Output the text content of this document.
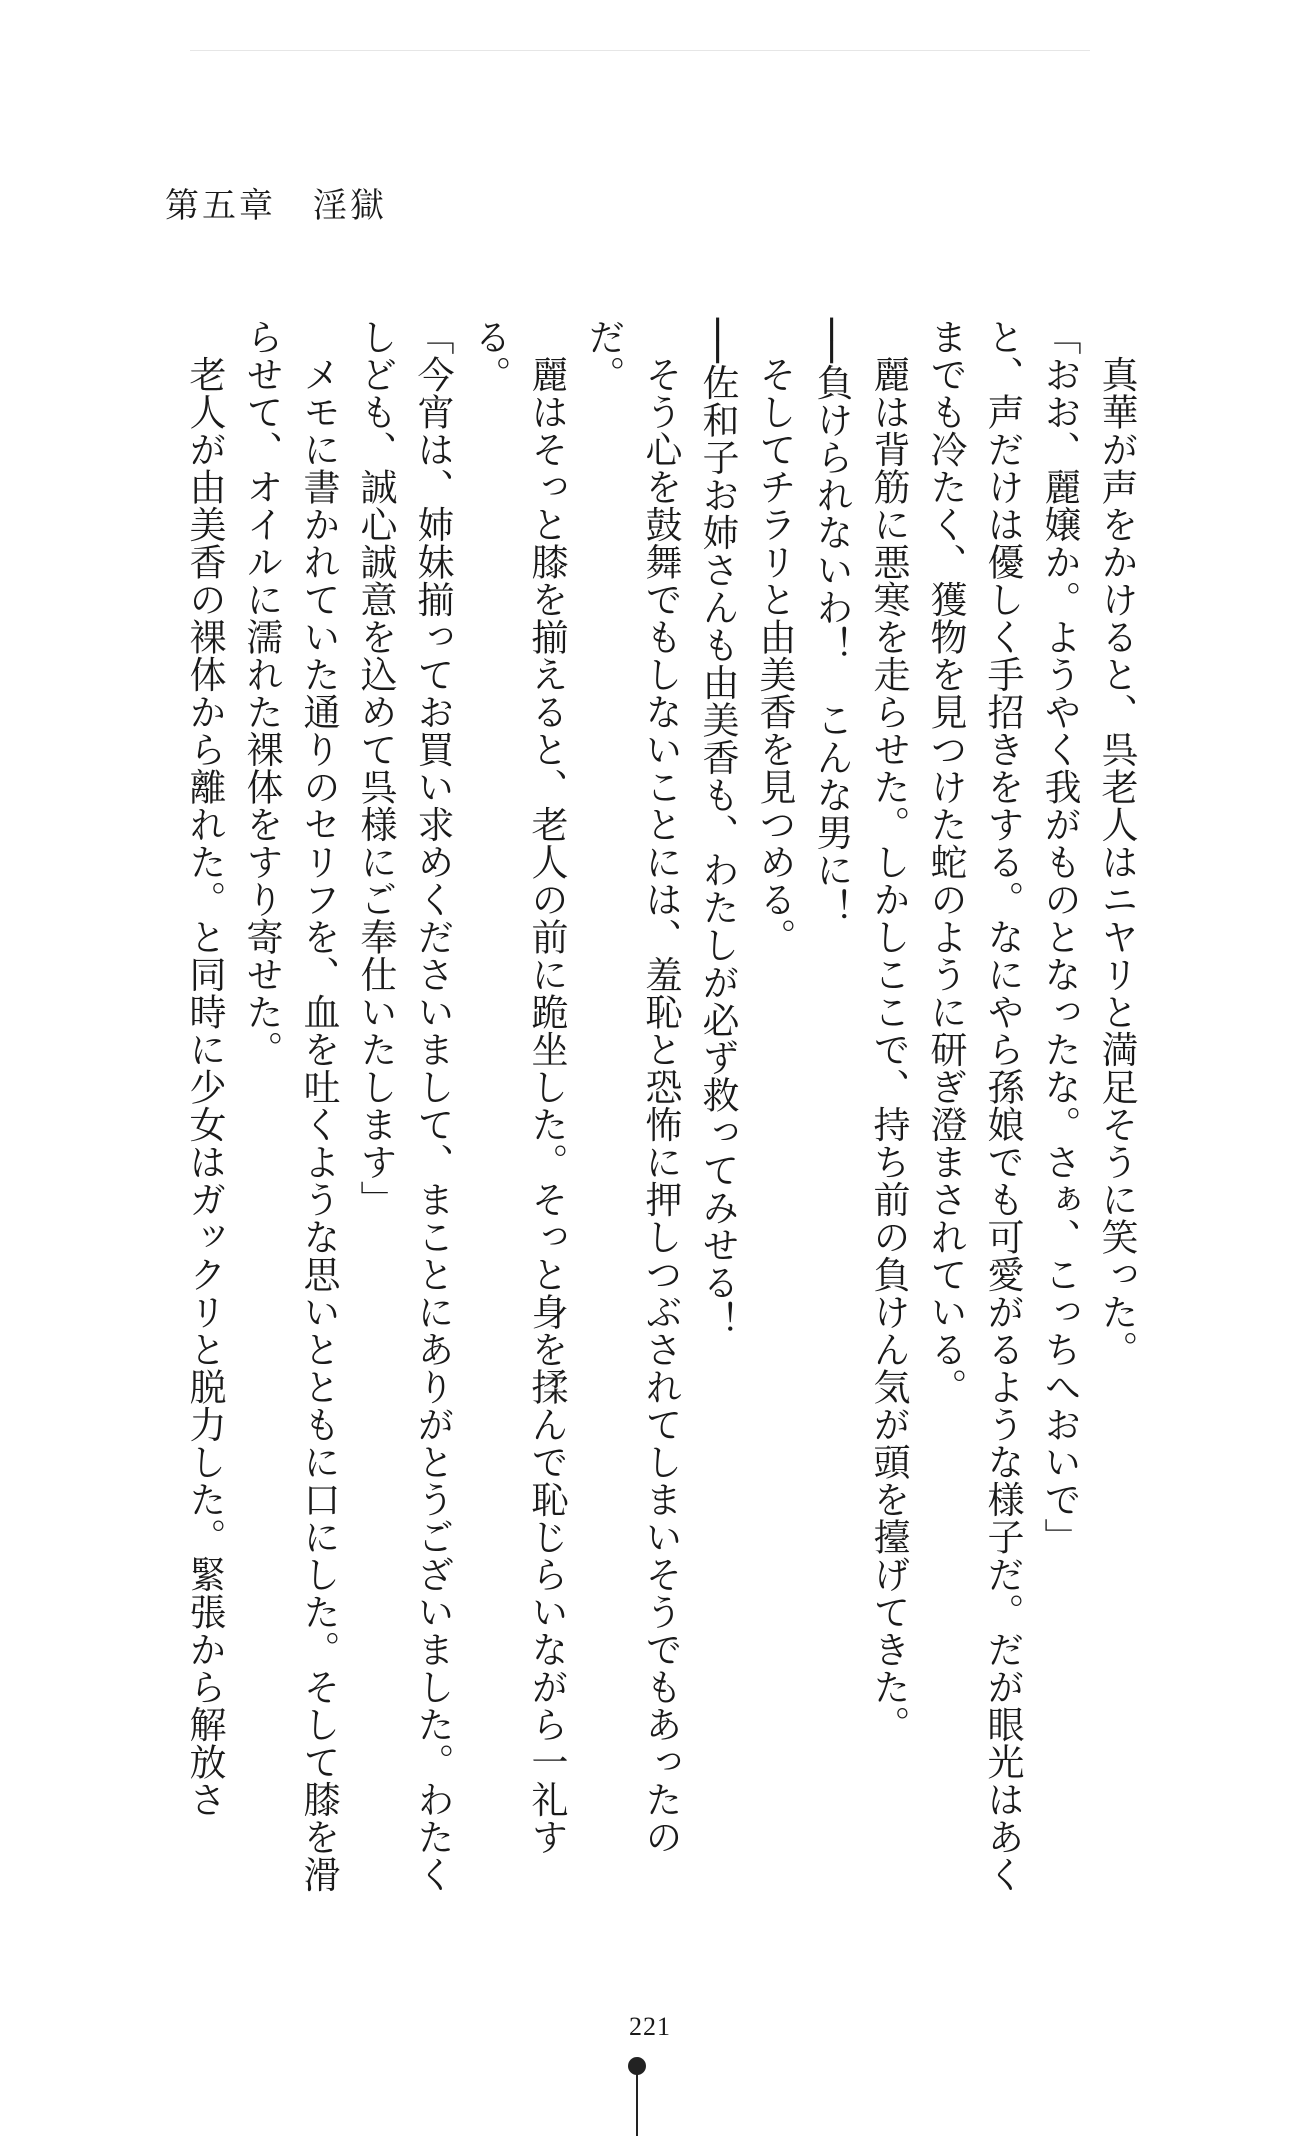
第五章　淫獄

　真華が声をかけると、呉老人はニヤリと満足そうに笑った。

「おお、麗嬢か。ようやく我がものとなったな。さぁ、こっちへおいで」

と、声だけは優しく手招きをする。なにやら孫娘でも可愛がるような様子だ。だが眼光はあくまでも冷たく、獲物を見つけた蛇のように研ぎ澄まされている。

　麗は背筋に悪寒を走らせた。しかしここで、持ち前の負けん気が頭を擡げてきた。

──負けられないわ！　こんな男に！

　そしてチラリと由美香を見つめる。

──佐和子お姉さんも由美香も、わたしが必ず救ってみせる！

　そう心を鼓舞でもしないことには、羞恥と恐怖に押しつぶされてしまいそうでもあったのだ。

　麗はそっと膝を揃えると、老人の前に跪坐した。そっと身を揉んで恥じらいながら一礼する。

「今宵は、姉妹揃ってお買い求めくださいまして、まことにありがとうございました。わたくしども、誠心誠意を込めて呉様にご奉仕いたします」

　メモに書かれていた通りのセリフを、血を吐くような思いとともに口にした。そして膝を滑らせて、オイルに濡れた裸体をすり寄せた。

　老人が由美香の裸体から離れた。と同時に少女はガックリと脱力した。緊張から解放さ

221
